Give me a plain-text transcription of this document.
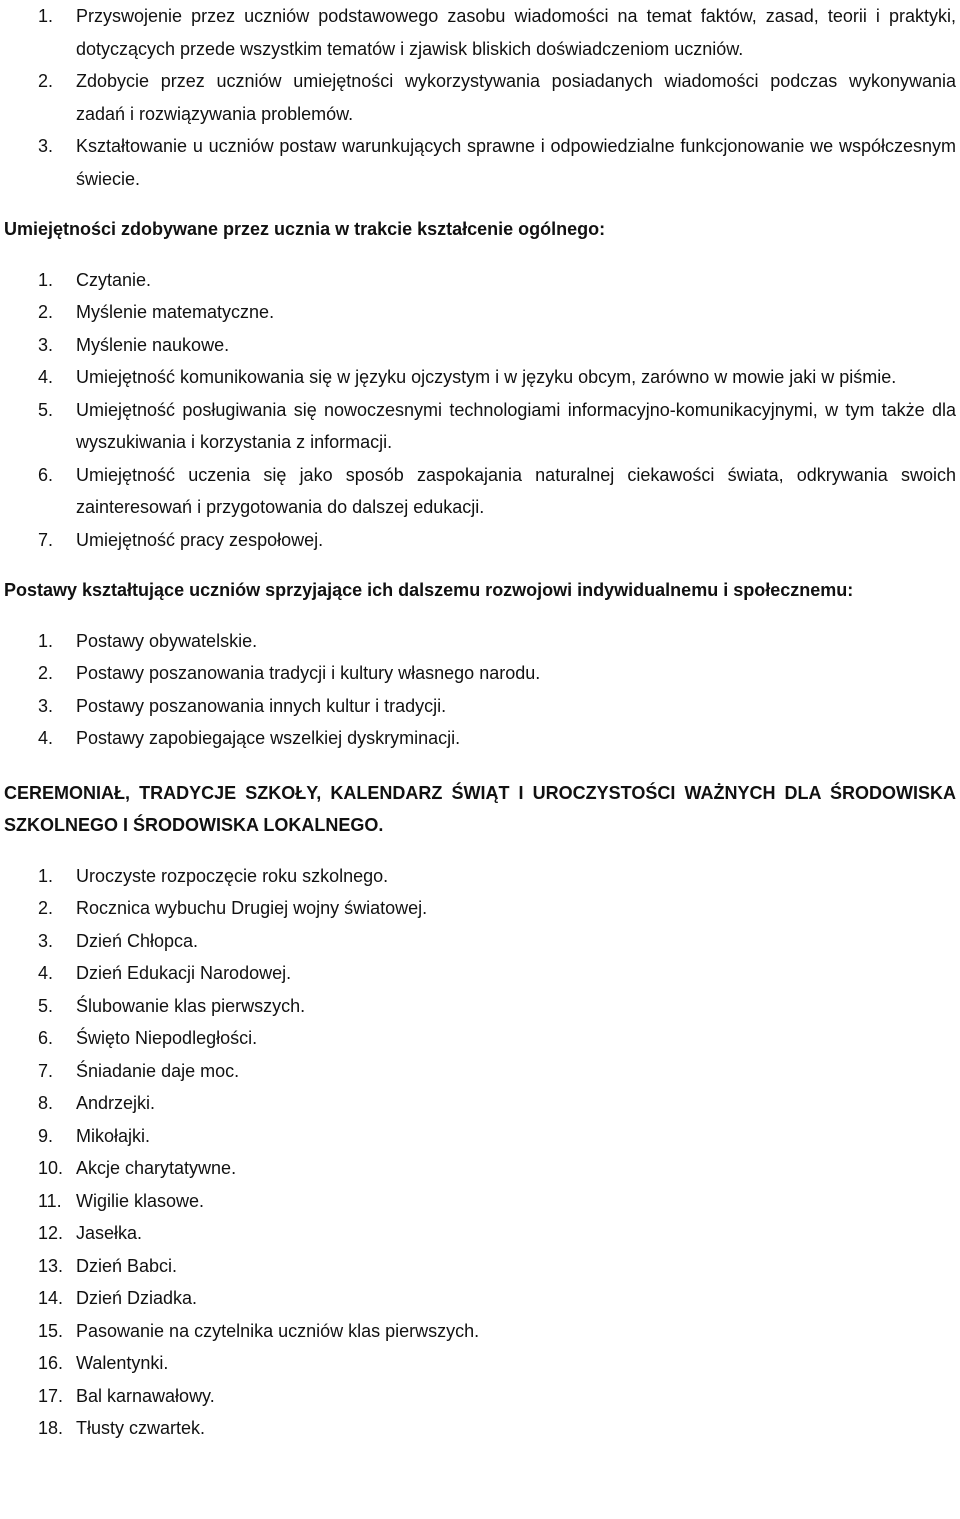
1.	Przyswojenie przez uczniów podstawowego zasobu wiadomości na temat faktów, zasad, teorii i praktyki, dotyczących przede wszystkim tematów i zjawisk bliskich doświadczeniom uczniów.
2.	Zdobycie przez uczniów umiejętności wykorzystywania posiadanych wiadomości podczas wykonywania zadań i rozwiązywania problemów.
3.	Kształtowanie u uczniów postaw warunkujących sprawne i odpowiedzialne funkcjonowanie we współczesnym świecie.

Umiejętności zdobywane przez ucznia w trakcie kształcenie ogólnego:

1.	Czytanie.
2.	Myślenie matematyczne.
3.	Myślenie naukowe.
4.	Umiejętność komunikowania się w języku ojczystym i w języku obcym, zarówno w mowie jaki w piśmie.
5.	Umiejętność posługiwania się nowoczesnymi technologiami informacyjno-komunikacyjnymi, w tym także dla wyszukiwania i korzystania z informacji.
6.	Umiejętność uczenia się jako sposób zaspokajania naturalnej ciekawości świata, odkrywania swoich zainteresowań i przygotowania do dalszej edukacji.
7.	Umiejętność pracy zespołowej.

Postawy kształtujące uczniów sprzyjające ich dalszemu rozwojowi indywidualnemu i społecznemu:

1.	Postawy obywatelskie.
2.	Postawy poszanowania tradycji i kultury własnego narodu.
3.	Postawy poszanowania innych kultur i tradycji.
4.	Postawy zapobiegające wszelkiej dyskryminacji.

CEREMONIAŁ, TRADYCJE SZKOŁY, KALENDARZ ŚWIĄT I UROCZYSTOŚCI WAŻNYCH DLA ŚRODOWISKA SZKOLNEGO I ŚRODOWISKA LOKALNEGO.

1.	Uroczyste rozpoczęcie roku szkolnego.
2.	Rocznica wybuchu Drugiej wojny światowej.
3.	Dzień Chłopca.
4.	Dzień Edukacji Narodowej.
5.	Ślubowanie klas pierwszych.
6.	Święto Niepodległości.
7.	Śniadanie daje moc.
8.	Andrzejki.
9.	Mikołajki.
10. Akcje charytatywne.
11. Wigilie klasowe.
12. Jasełka.
13. Dzień Babci.
14. Dzień Dziadka.
15. Pasowanie na czytelnika uczniów klas pierwszych.
16. Walentynki.
17. Bal karnawałowy.
18. Tłusty czwartek.
